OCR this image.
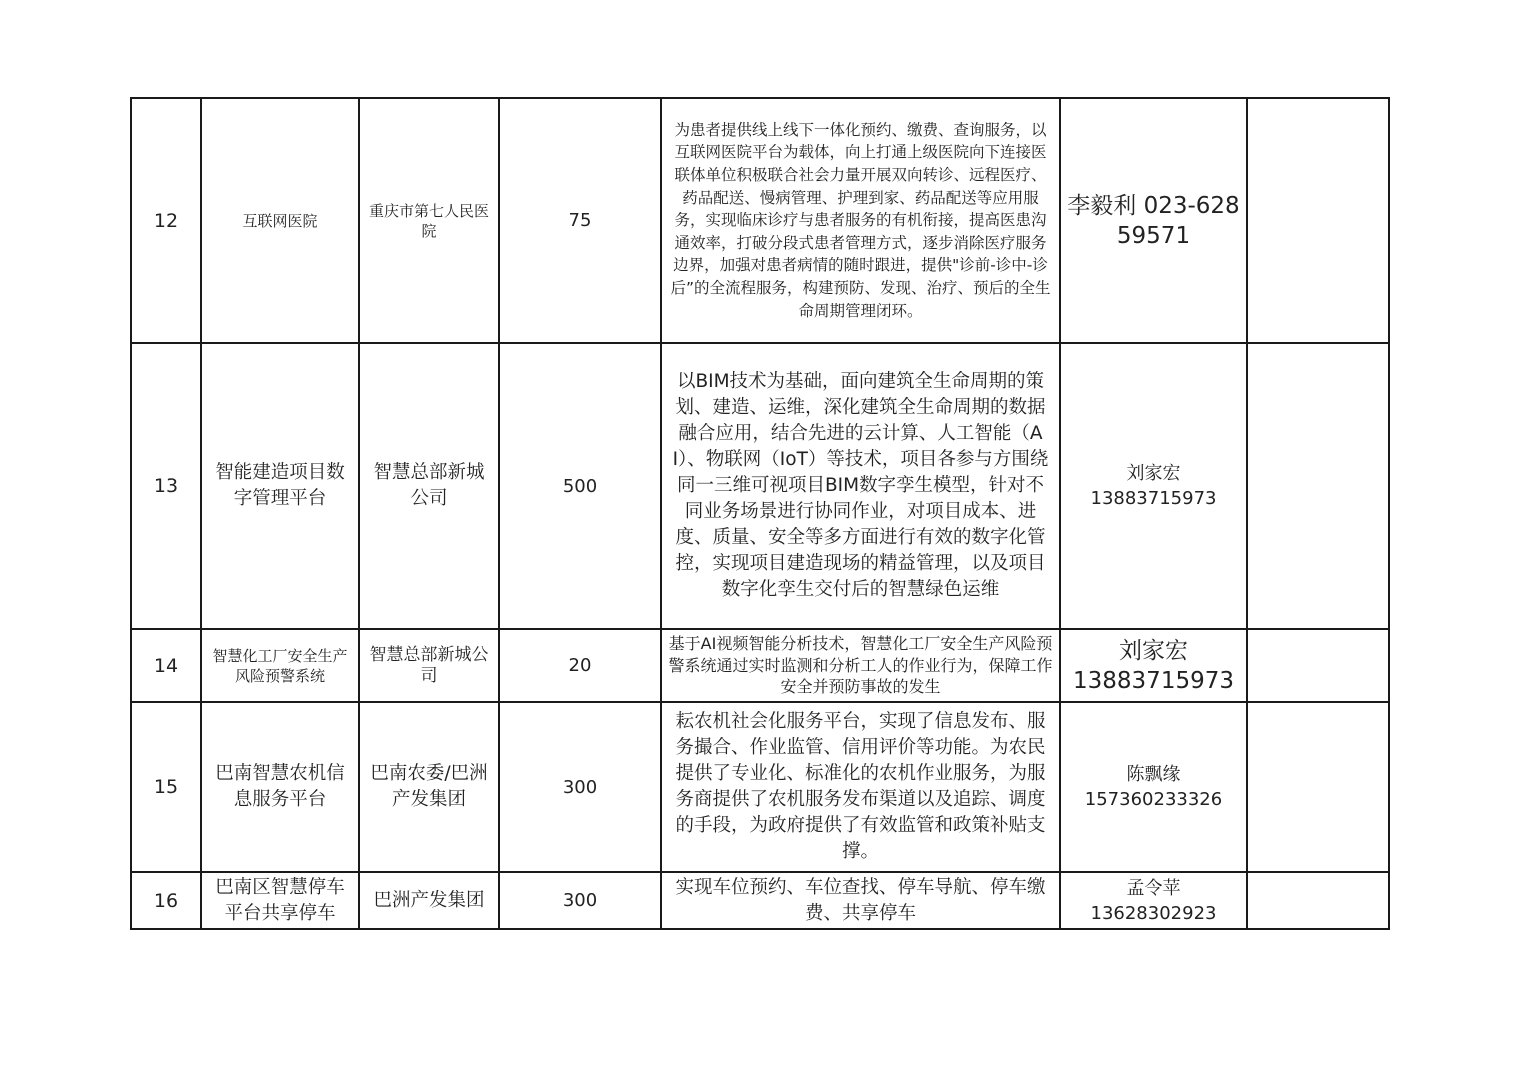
12	互联网医院	重庆市第七人民医院	75	为患者提供线上线下一体化预约、缴费、查询服务，以互联网医院平台为载体，向上打通上级医院向下连接医联体单位积极联合社会力量开展双向转诊、远程医疗、药品配送、慢病管理、护理到家、药品配送等应用服务，实现临床诊疗与患者服务的有机衔接，提高医患沟通效率，打破分段式患者管理方式，逐步消除医疗服务边界，加强对患者病情的随时跟进，提供"诊前-诊中-诊后”的全流程服务，构建预防、发现、治疗、预后的全生命周期管理闭环。	李毅利 023-62859571	
13	智能建造项目数字管理平台	智慧总部新城公司	500	以BIM技术为基础，面向建筑全生命周期的策划、建造、运维，深化建筑全生命周期的数据融合应用，结合先进的云计算、人工智能（AI）、物联网（IoT）等技术，项目各参与方围绕同一三维可视项目BIM数字孪生模型，针对不同业务场景进行协同作业，对项目成本、进度、质量、安全等多方面进行有效的数字化管控，实现项目建造现场的精益管理，以及项目数字化孪生交付后的智慧绿色运维	刘家宏
13883715973	

14	智慧化工厂安全生产风险预警系统	智慧总部新城公司	20	基于AI视频智能分析技术，智慧化工厂安全生产风险预警系统通过实时监测和分析工人的作业行为，保障工作安全并预防事故的发生	刘家宏
13883715973	

15	巴南智慧农机信息服务平台	巴南农委/巴洲产发集团	300	耘农机社会化服务平台，实现了信息发布、服务撮合、作业监管、信用评价等功能。为农民提供了专业化、标准化的农机作业服务，为服务商提供了农机服务发布渠道以及追踪、调度的手段，为政府提供了有效监管和政策补贴支撑。	陈飘缘
157360233326	

16	巴南区智慧停车平台共享停车	巴洲产发集团	300	实现车位预约、车位查找、停车导航、停车缴费、共享停车	孟令苹
13628302923	
